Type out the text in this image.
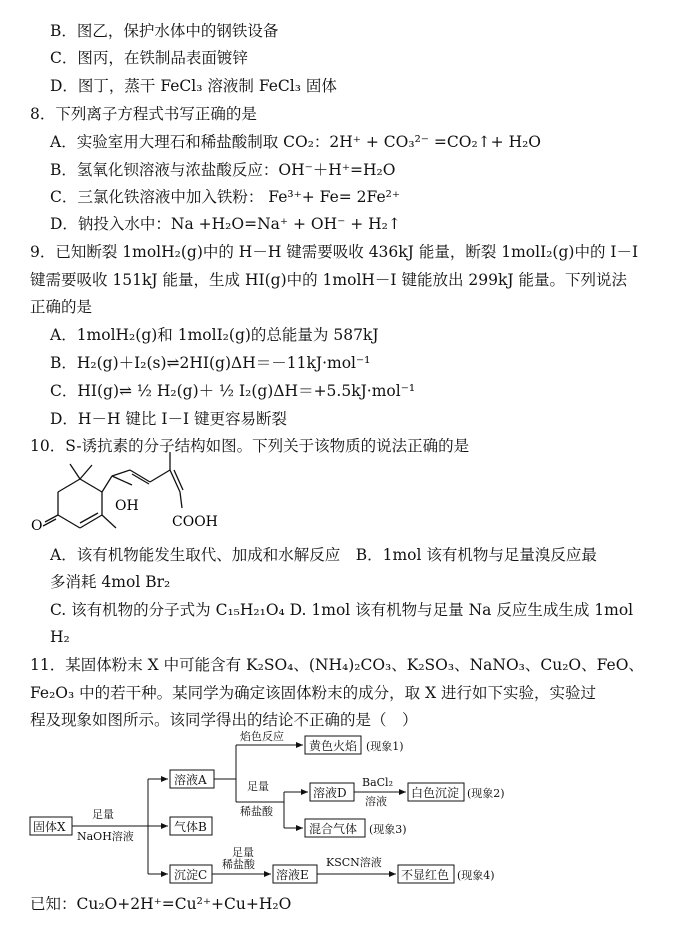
B．图乙，保护水体中的钢铁设备
C．图丙，在铁制品表面镀锌
D．图丁，蒸干 FeCl₃ 溶液制 FeCl₃ 固体
8．下列离子方程式书写正确的是
A．实验室用大理石和稀盐酸制取 CO₂：2H⁺ + CO₃²⁻ =CO₂↑+ H₂O
B．氢氧化钡溶液与浓盐酸反应：OH⁻＋H⁺=H₂O
C．三氯化铁溶液中加入铁粉： Fe³⁺+ Fe= 2Fe²⁺
D．钠投入水中：Na +H₂O=Na⁺ + OH⁻ + H₂↑
9．已知断裂 1molH₂(g)中的 H－H 键需要吸收 436kJ 能量，断裂 1molI₂(g)中的 I－I
键需要吸收 151kJ 能量，生成 HI(g)中的 1molH－I 键能放出 299kJ 能量。下列说法
正确的是
A．1molH₂(g)和 1molI₂(g)的总能量为 587kJ
B．H₂(g)＋I₂(s)⇌2HI(g)ΔH＝－11kJ·mol⁻¹
C．HI(g)⇌ ½ H₂(g)＋ ½ I₂(g)ΔH＝+5.5kJ·mol⁻¹
D．H－H 键比 I－I 键更容易断裂
10．S-诱抗素的分子结构如图。下列关于该物质的说法正确的是
A．该有机物能发生取代、加成和水解反应　B．1mol 该有机物与足量溴反应最
多消耗 4mol Br₂
C. 该有机物的分子式为 C₁₅H₂₁O₄ D. 1mol 该有机物与足量 Na 反应生成生成 1mol
H₂
11．某固体粉末 X 中可能含有 K₂SO₄、(NH₄)₂CO₃、K₂SO₃、NaNO₃、Cu₂O、FeO、
Fe₂O₃ 中的若干种。某同学为确定该固体粉末的成分，取 X 进行如下实验，实验过
程及现象如图所示。该同学得出的结论不正确的是（　）
已知：Cu₂O+2H⁺=Cu²⁺+Cu+H₂O
OH
COOH
O
固体X
足量
NaOH溶液
溶液A
气体B
沉淀C
焰色反应
黄色火焰 (现象1)
足量
稀盐酸
溶液D
BaCl₂
溶液
白色沉淀 (现象2)
混合气体 (现象3)
足量
稀盐酸
溶液E
KSCN溶液
不显红色 (现象4)
